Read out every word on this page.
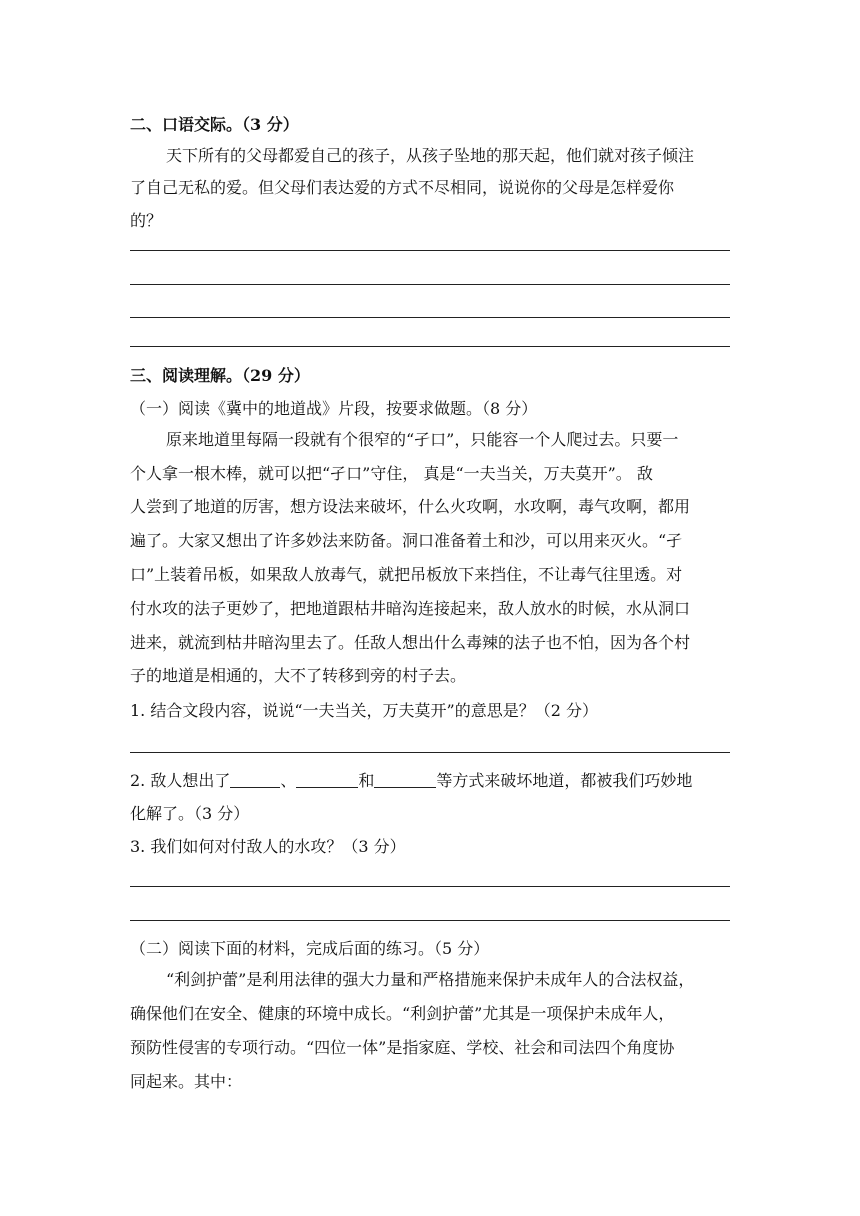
二、口语交际。（3 分）
天下所有的父母都爱自己的孩子，从孩子坠地的那天起，他们就对孩子倾注
了自己无私的爱。但父母们表达爱的方式不尽相同，说说你的父母是怎样爱你
的？
三、阅读理解。（29 分）
（一）阅读《冀中的地道战》片段，按要求做题。（8 分）
原来地道里每隔一段就有个很窄的“孑口”，只能容一个人爬过去。只要一
个人拿一根木棒，就可以把“孑口”守住， 真是“一夫当关，万夫莫开”。 敌
人尝到了地道的厉害，想方设法来破坏，什么火攻啊，水攻啊，毒气攻啊，都用
遍了。大家又想出了许多妙法来防备。洞口准备着土和沙，可以用来灭火。“孑
口”上装着吊板，如果敌人放毒气，就把吊板放下来挡住，不让毒气往里透。对
付水攻的法子更妙了，把地道跟枯井暗沟连接起来，敌人放水的时候，水从洞口
进来，就流到枯井暗沟里去了。任敌人想出什么毒辣的法子也不怕，因为各个村
子的地道是相通的，大不了转移到旁的村子去。
1. 结合文段内容，说说“一夫当关，万夫莫开”的意思是？（2 分）
2. 敌人想出了	、	和	等方式来破坏地道，都被我们巧妙地
化解了。（3 分）
3. 我们如何对付敌人的水攻？（3 分）
（二）阅读下面的材料，完成后面的练习。（5 分）
“利剑护蕾”是利用法律的强大力量和严格措施来保护未成年人的合法权益，
确保他们在安全、健康的环境中成长。“利剑护蕾”尤其是一项保护未成年人，
预防性侵害的专项行动。“四位一体”是指家庭、学校、社会和司法四个角度协
同起来。其中：
